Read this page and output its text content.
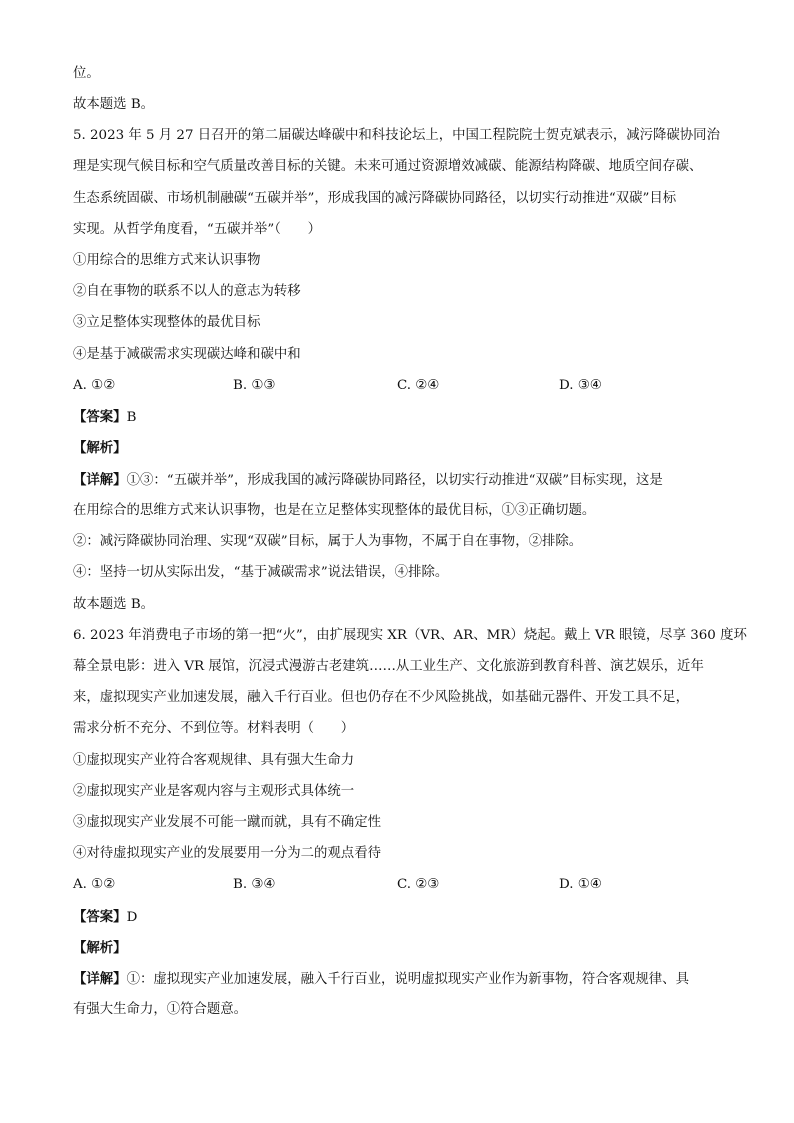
位。
故本题选 B。
5. 2023 年 5 月 27 日召开的第二届碳达峰碳中和科技论坛上，中国工程院院士贺克斌表示，减污降碳协同治
理是实现气候目标和空气质量改善目标的关键。未来可通过资源增效减碳、能源结构降碳、地质空间存碳、
生态系统固碳、市场机制融碳“五碳并举”，形成我国的减污降碳协同路径，以切实行动推进“双碳”目标
实现。从哲学角度看，“五碳并举”（　　）
①用综合的思维方式来认识事物
②自在事物的联系不以人的意志为转移
③立足整体实现整体的最优目标
④是基于减碳需求实现碳达峰和碳中和
A. ①②	B. ①③	C. ②④	D. ③④
【答案】B
【解析】
【详解】①③：“五碳并举”，形成我国的减污降碳协同路径，以切实行动推进“双碳”目标实现，这是
在用综合的思维方式来认识事物，也是在立足整体实现整体的最优目标，①③正确切题。
②：减污降碳协同治理、实现“双碳”目标，属于人为事物，不属于自在事物，②排除。
④：坚持一切从实际出发，“基于减碳需求”说法错误，④排除。
故本题选 B。
6. 2023 年消费电子市场的第一把“火”，由扩展现实 XR（VR、AR、MR）烧起。戴上 VR 眼镜，尽享 360 度环
幕全景电影：进入 VR 展馆，沉浸式漫游古老建筑……从工业生产、文化旅游到教育科普、演艺娱乐，近年
来，虚拟现实产业加速发展，融入千行百业。但也仍存在不少风险挑战，如基础元器件、开发工具不足，
需求分析不充分、不到位等。材料表明（　　）
①虚拟现实产业符合客观规律、具有强大生命力
②虚拟现实产业是客观内容与主观形式具体统一
③虚拟现实产业发展不可能一蹴而就，具有不确定性
④对待虚拟现实产业的发展要用一分为二的观点看待
A. ①②	B. ③④	C. ②③	D. ①④
【答案】D
【解析】
【详解】①：虚拟现实产业加速发展，融入千行百业，说明虚拟现实产业作为新事物，符合客观规律、具
有强大生命力，①符合题意。
